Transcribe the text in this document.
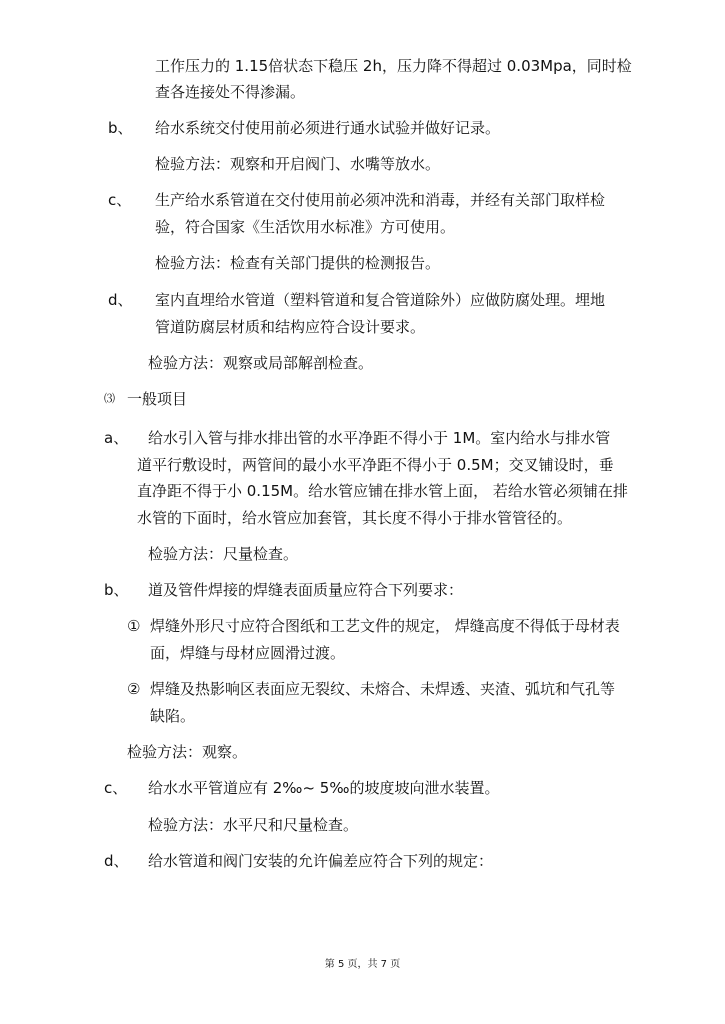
工作压力的 1.15倍状态下稳压 2h，压力降不得超过 0.03Mpa，同时检
查各连接处不得渗漏。
b、 给水系统交付使用前必须进行通水试验并做好记录。
检验方法：观察和开启阀门、水嘴等放水。
c、 生产给水系管道在交付使用前必须冲洗和消毒，并经有关部门取样检
验，符合国家《生活饮用水标准》方可使用。
检验方法：检查有关部门提供的检测报告。
d、 室内直埋给水管道（塑料管道和复合管道除外）应做防腐处理。埋地
管道防腐层材质和结构应符合设计要求。
检验方法：观察或局部解剖检查。
⑶ 一般项目
a、 给水引入管与排水排出管的水平净距不得小于 1M。室内给水与排水管
道平行敷设时，两管间的最小水平净距不得小于 0.5M；交叉铺设时，垂
直净距不得于小 0.15M。给水管应铺在排水管上面， 若给水管必须铺在排
水管的下面时，给水管应加套管，其长度不得小于排水管管径的。
检验方法：尺量检查。
b、 道及管件焊接的焊缝表面质量应符合下列要求：
① 焊缝外形尺寸应符合图纸和工艺文件的规定， 焊缝高度不得低于母材表
面，焊缝与母材应圆滑过渡。
② 焊缝及热影响区表面应无裂纹、未熔合、未焊透、夹渣、弧坑和气孔等
缺陷。
检验方法：观察。
c、 给水水平管道应有 2‰~ 5‰的坡度坡向泄水装置。
检验方法：水平尺和尺量检查。
d、 给水管道和阀门安装的允许偏差应符合下列的规定：
第 5 页，共 7 页
